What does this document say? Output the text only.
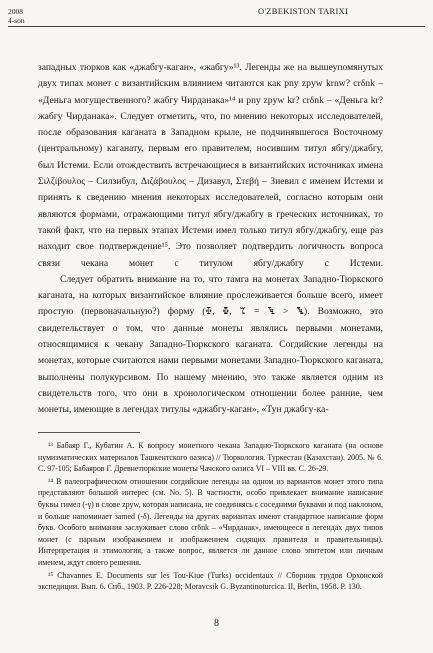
2008
4-son
O'ZBEKISTON TARIXI

западных тюрков как «джабгу-каган», «жабгу»¹³. Легенды же на вышеупомянутых двух типах монет с византийским влиянием читаются как pny zpyw krnw? crδnk – «Деньга могущественного? жабгу Чирданака»¹⁴ и pny zpyw kr? crδnk – «Деньга kr? жабгу Чирданака». Следует отметить, что, по мнению некоторых исследователей, после образования каганата в Западном крыле, не подчинявшегося Восточному (центральному) каганату, первым его правителем, носившим титул ябгу/джабгу, был Истеми. Если отождествить встречающиеся в византийских источниках имена Σιλζίβουλος – Силзибул, Διζάβουλος – Дизавул, Στεβή – Зиевил с именем Истеми и принять к сведению мнения некоторых исследователей, согласно которым они являются формами, отражающими титул ябгу/джабгу в греческих источниках, то такой факт, что на первых этапах Истеми имел только титул ябгу/джабгу, еще раз находит свое подтверждение¹⁵. Это позволяет подтвердить логичность вопроса связи чекана монет с титулом ябгу/джабгу с Истеми.

Следует обратить внимание на то, что тамга на монетах Западно-Тюркского каганата, на которых византийское влияние прослеживается больше всего, имеет простую (первоначальную?) форму (ꔀ, ꔁ, ꔂ = ꔃ > ꔄ). Возможно, это свидетельствует о том, что данные монеты являлись первыми монетами, относящимися к чекану Западно-Тюркского каганата. Согдийские легенды на монетах, которые считаются нами первыми монетами Западно-Тюркского каганата, выполнены полукурсивом. По нашему мнению, это также является одним из свидетельств того, что они в хронологическом отношении более ранние, чем монеты, имеющие в легендах титулы «джабгу-каган», «Тун джабгу-ка-

¹³ Бабаяр Г., Кубатин А. К вопросу монетного чекана Западно-Тюркского каганата (на основе нумизматических материалов Ташкентского оазиса) // Тюркология. Туркестан (Казахстан). 2005. № 6. С. 97-105; Бабаяров Г. Древнетюркские монеты Чачского оазиса VI – VIII вв. С. 26-29.

¹⁴ В палеографическом отношении согдийские легенды на одном из вариантов монет этого типа представляют большой интерес (см. No. 5). В частности, особо привлекает внимание написание буквы гимел (-γ) в слове zpyw, которая написана, не соединяясь с соседними буквами и под наклоном, и больше напоминает заmed (-δ). Легенды на других вариантах имеют стандартное написание форм букв. Особого внимания заслуживает слово crδnk – «Чирданак», имеющееся в легендах двух типов монет (с парным изображением и изображением сидящих правителя и правительницы). Интерпретация и этимология, а также вопрос, является ли данное слово эпитетом или личным именем, ждут своего решения.

¹⁵ Chavannes E. Documents sur les Tou-Kiue (Turks) occidentaux // Сборник трудов Орхонской экспедиции. Вып. 6. Спб., 1903. P. 226-228; Moravcsik G. Byzantinoturcica. II, Berlin, 1958. P. 130.

8
